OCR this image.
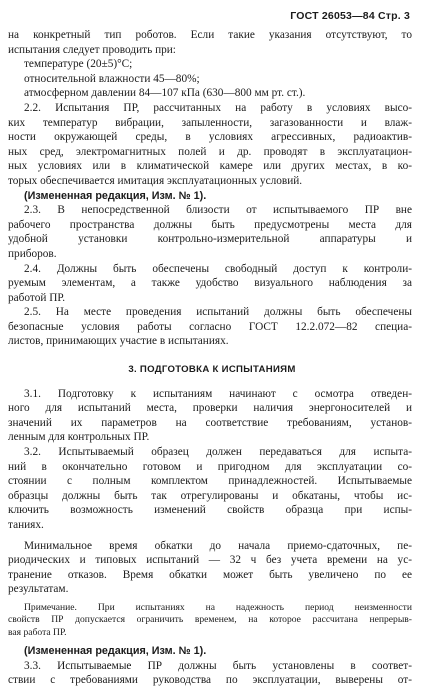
ГОСТ 26053—84 Стр. 3
на конкретный тип роботов. Если такие указания отсутствуют, то
испытания следует проводить при:
температуре (20±5)°С;
относительной влажности 45—80%;
атмосферном давлении 84—107 кПа (630—800 мм рт. ст.).
2.2. Испытания ПР, рассчитанных на работу в условиях высо-
ких температур вибрации, запыленности, загазованности и влаж-
ности окружающей среды, в условиях агрессивных, радиоактив-
ных сред, электромагнитных полей и др. проводят в эксплуатацион-
ных условиях или в климатической камере или других местах, в ко-
торых обеспечивается имитация эксплуатационных условий.
(Измененная редакция, Изм. № 1).
2.3. В непосредственной близости от испытываемого ПР вне
рабочего пространства должны быть предусмотрены места для
удобной установки контрольно-измерительной аппаратуры и
приборов.
2.4. Должны быть обеспечены свободный доступ к контроли-
руемым элементам, а также удобство визуального наблюдения за
работой ПР.
2.5. На месте проведения испытаний должны быть обеспечены
безопасные условия работы согласно ГОСТ 12.2.072—82 специа-
листов, принимающих участие в испытаниях.
3. ПОДГОТОВКА К ИСПЫТАНИЯМ
3.1. Подготовку к испытаниям начинают с осмотра отведен-
ного для испытаний места, проверки наличия энергоносителей и
значений их параметров на соответствие требованиям, установ-
ленным для контрольных ПР.
3.2. Испытываемый образец должен передаваться для испыта-
ний в окончательно готовом и пригодном для эксплуатации со-
стоянии с полным комплектом принадлежностей. Испытываемые
образцы должны быть так отрегулированы и обкатаны, чтобы ис-
ключить возможность изменений свойств образца при испы-
таниях.
Минимальное время обкатки до начала приемо-сдаточных, пе-
риодических и типовых испытаний — 32 ч без учета времени на ус-
транение отказов. Время обкатки может быть увеличено по ее
результатам.
Примечание. При испытаниях на надежность период неизменности
свойств ПР допускается ограничить временем, на которое рассчитана непрерыв-
вая работа ПР.
(Измененная редакция, Изм. № 1).
3.3. Испытываемые ПР должны быть установлены в соответ-
ствии с требованиями руководства по эксплуатации, выверены от-
